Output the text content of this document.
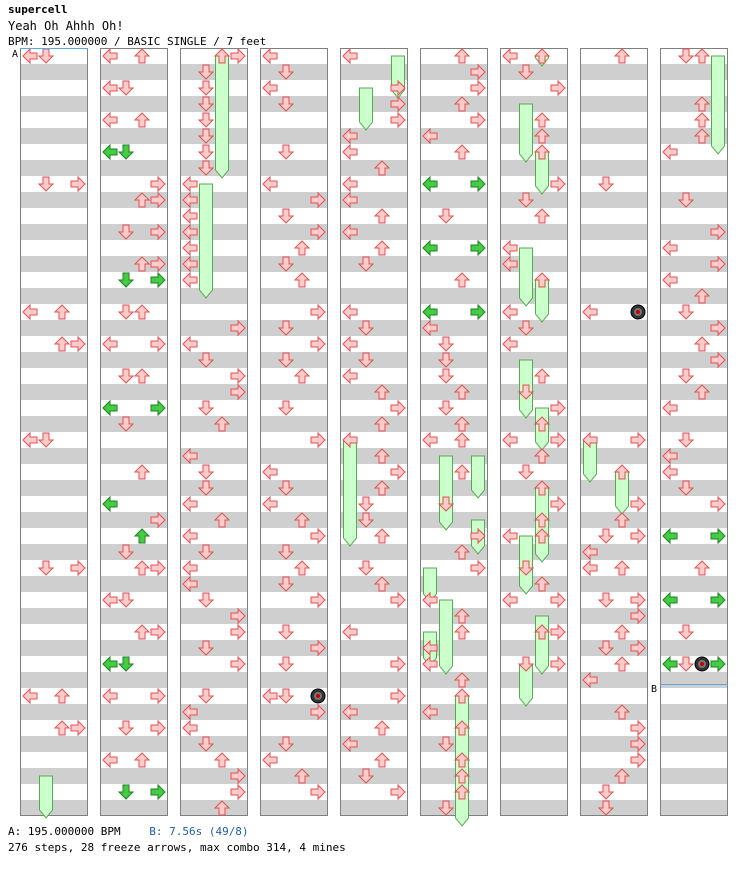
supercell
Yeah Oh Ahhh Oh!
BPM: 195.000000 / BASIC SINGLE / 7 feet
A
B
A: 195.000000 BPM	B: 7.56s (49/8)
276 steps, 28 freeze arrows, max combo 314, 4 mines
